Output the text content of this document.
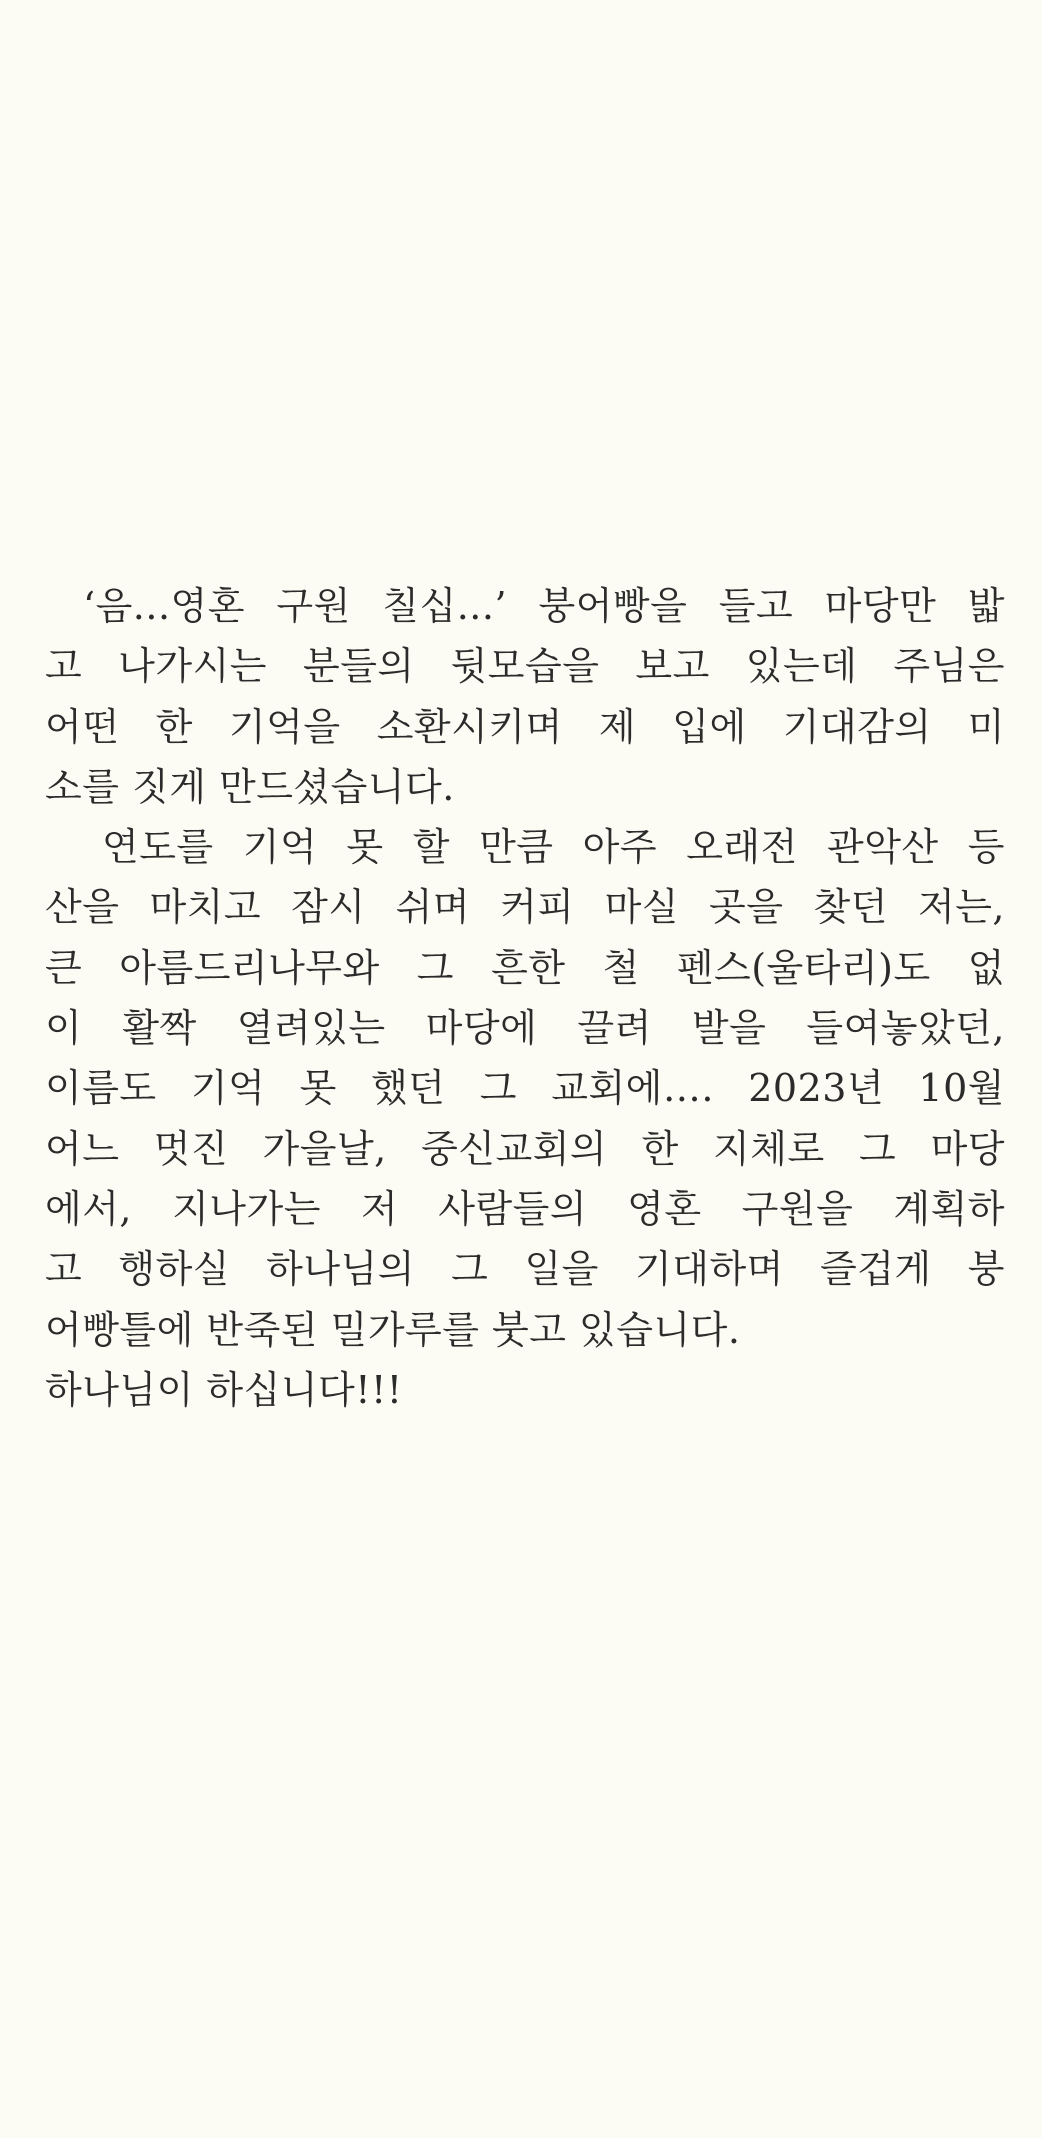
‘음...영혼 구원 칠십...’ 붕어빵을 들고 마당만 밟
고 나가시는 분들의 뒷모습을 보고 있는데 주님은
어떤 한 기억을 소환시키며 제 입에 기대감의 미
소를 짓게 만드셨습니다.
연도를 기억 못 할 만큼 아주 오래전 관악산 등
산을 마치고 잠시 쉬며 커피 마실 곳을 찾던 저는,
큰 아름드리나무와 그 흔한 철 펜스(울타리)도 없
이 활짝 열려있는 마당에 끌려 발을 들여놓았던,
이름도 기억 못 했던 그 교회에…. 2023년 10월
어느 멋진 가을날, 중신교회의 한 지체로 그 마당
에서, 지나가는 저 사람들의 영혼 구원을 계획하
고 행하실 하나님의 그 일을 기대하며 즐겁게 붕
어빵틀에 반죽된 밀가루를 붓고 있습니다.
하나님이 하십니다!!!
